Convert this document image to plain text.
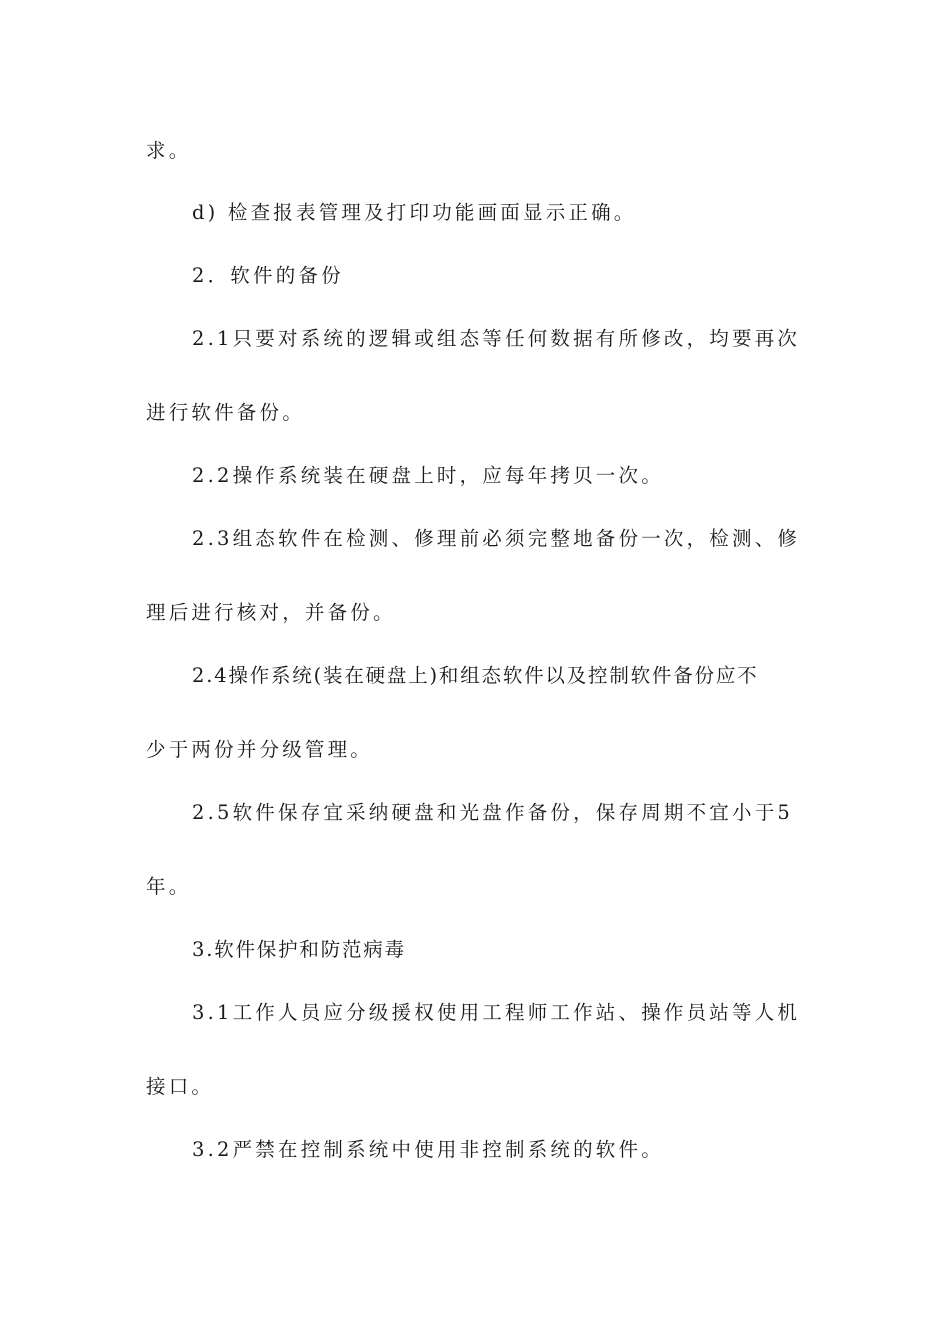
求。
d) 检查报表管理及打印功能画面显示正确。
2．软件的备份
2.1只要对系统的逻辑或组态等任何数据有所修改，均要再次
进行软件备份。
2.2操作系统装在硬盘上时，应每年拷贝一次。
2.3组态软件在检测、修理前必须完整地备份一次，检测、修
理后进行核对，并备份。
2.4操作系统(装在硬盘上)和组态软件以及控制软件备份应不
少于两份并分级管理。
2.5软件保存宜采纳硬盘和光盘作备份，保存周期不宜小于5
年。
3.软件保护和防范病毒
3.1工作人员应分级援权使用工程师工作站、操作员站等人机
接口。
3.2严禁在控制系统中使用非控制系统的软件。
